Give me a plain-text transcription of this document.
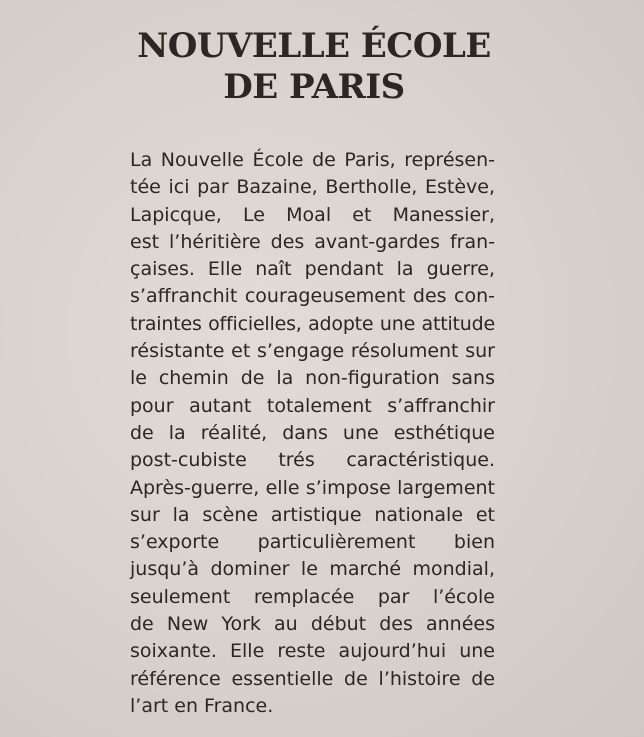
NOUVELLE ÉCOLE
DE PARIS
La Nouvelle École de Paris, représen-
tée ici par Bazaine, Bertholle, Estève,
Lapicque, Le Moal et Manessier,
est l’héritière des avant-gardes fran-
çaises. Elle naît pendant la guerre,
s’affranchit courageusement des con-
traintes officielles, adopte une attitude
résistante et s’engage résolument sur
le chemin de la non-figuration sans
pour autant totalement s’affranchir
de la réalité, dans une esthétique
post-cubiste trés caractéristique.
Après-guerre, elle s’impose largement
sur la scène artistique nationale et
s’exporte particulièrement bien
jusqu’à dominer le marché mondial,
seulement remplacée par l’école
de New York au début des années
soixante. Elle reste aujourd’hui une
référence essentielle de l’histoire de
l’art en France.
